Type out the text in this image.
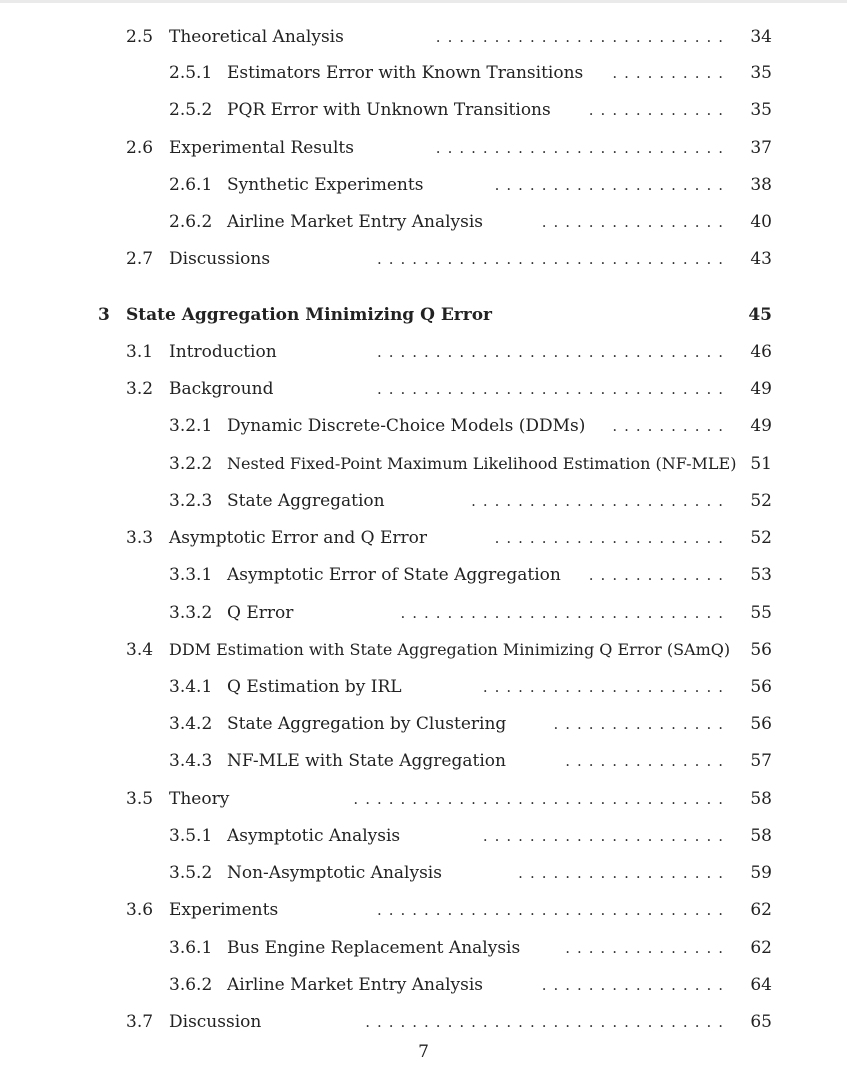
2.5 Theoretical Analysis	......................... 34
2.5.1 Estimators Error with Known Transitions	.......... 35
2.5.2 PQR Error with Unknown Transitions	............ 35
2.6 Experimental Results	......................... 37
2.6.1 Synthetic Experiments	.................... 38
2.6.2 Airline Market Entry Analysis	................ 40
2.7 Discussions	.............................. 43
3 State Aggregation Minimizing Q Error	45
3.1 Introduction	.............................. 46
3.2 Background	.............................. 49
3.2.1 Dynamic Discrete-Choice Models (DDMs)	.......... 49
3.2.2 Nested Fixed-Point Maximum Likelihood Estimation (NF-MLE) 51
3.2.3 State Aggregation	...................... 52
3.3 Asymptotic Error and Q Error	.................... 52
3.3.1 Asymptotic Error of State Aggregation	............ 53
3.3.2 Q Error	............................ 55
3.4 DDM Estimation with State Aggregation Minimizing Q Error (SAmQ) 56
3.4.1 Q Estimation by IRL	..................... 56
3.4.2 State Aggregation by Clustering	............... 56
3.4.3 NF-MLE with State Aggregation	.............. 57
3.5 Theory	................................ 58
3.5.1 Asymptotic Analysis	..................... 58
3.5.2 Non-Asymptotic Analysis	.................. 59
3.6 Experiments	.............................. 62
3.6.1 Bus Engine Replacement Analysis	.............. 62
3.6.2 Airline Market Entry Analysis	................ 64
3.7 Discussion	............................... 65
7
